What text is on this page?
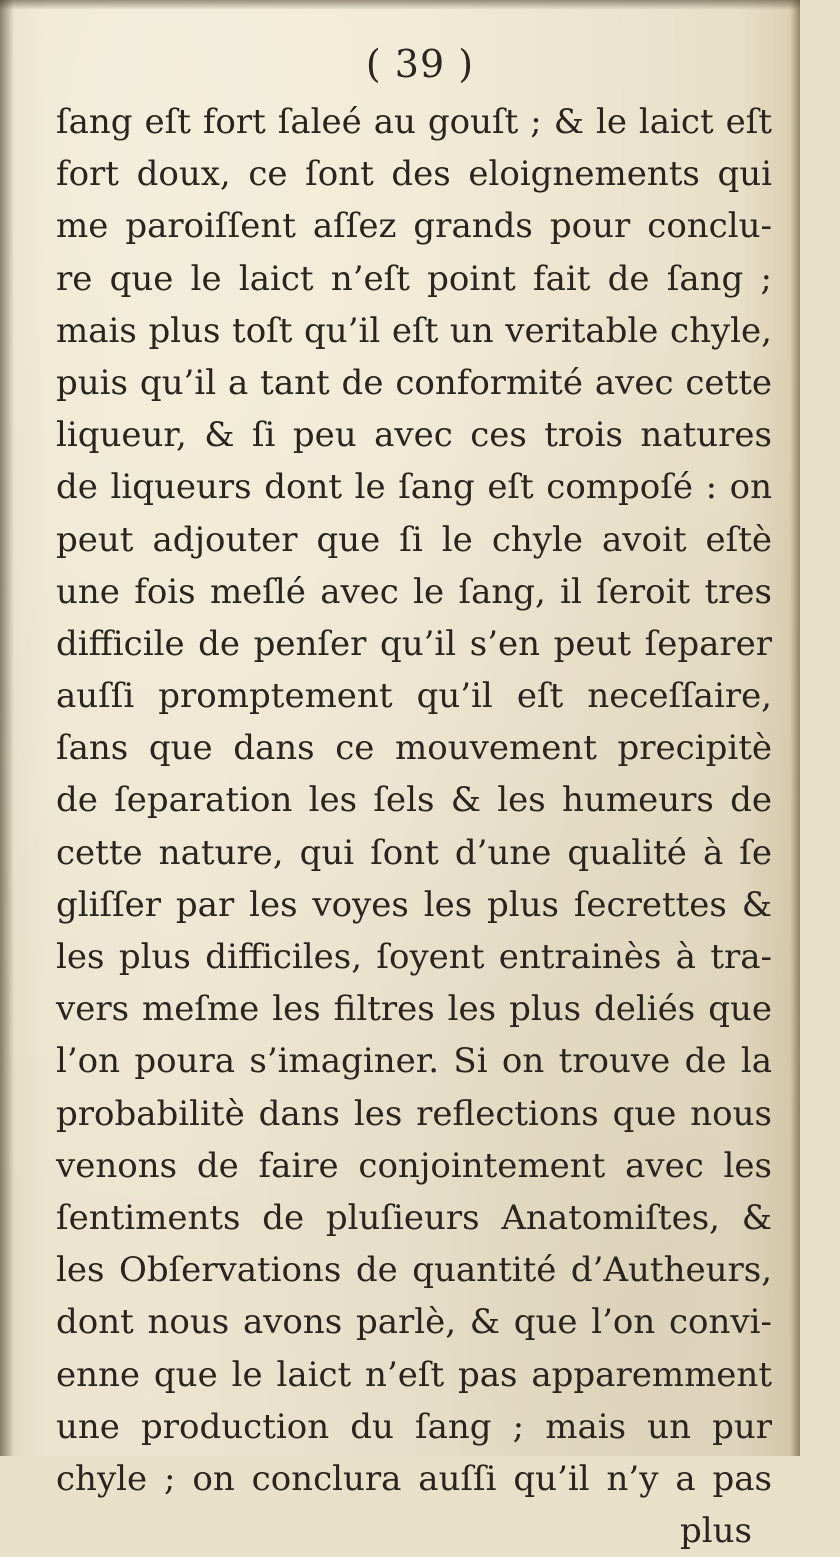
( 39 )
ſang eſt fort ſaleé au gouſt ; & le laict eſt
fort doux, ce ſont des eloignements qui
me paroiſſent aſſez grands pour conclu-
re que le laict n’eſt point fait de ſang ;
mais plus toſt qu’il eſt un veritable chyle,
puis qu’il a tant de conformité avec cette
liqueur, & ſi peu avec ces trois natures
de liqueurs dont le ſang eſt compoſé : on
peut adjouter que ſi le chyle avoit eſtè
une fois meſlé avec le ſang, il ſeroit tres
difficile de penſer qu’il s’en peut ſeparer
auſſi promptement qu’il eſt neceſſaire,
ſans que dans ce mouvement precipitè
de ſeparation les ſels & les humeurs de
cette nature, qui ſont d’une qualité à ſe
gliſſer par les voyes les plus ſecrettes &
les plus difficiles, ſoyent entrainès à tra-
vers meſme les filtres les plus deliés que
l’on poura s’imaginer. Si on trouve de la
probabilitè dans les reflections que nous
venons de faire conjointement avec les
ſentiments de pluſieurs Anatomiſtes, &
les Obſervations de quantité d’Autheurs,
dont nous avons parlè, & que l’on convi-
enne que le laict n’eſt pas apparemment
une production du ſang ; mais un pur
chyle ; on conclura auſſi qu’il n’y a pas
plus
